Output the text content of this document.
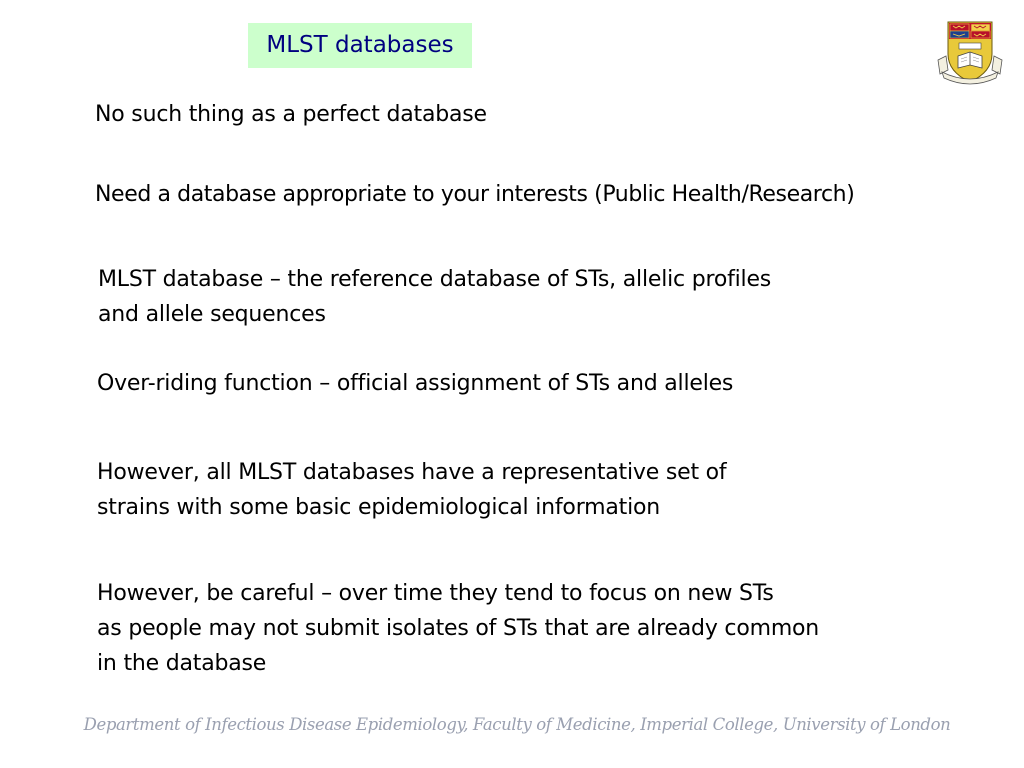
MLST databases
No such thing as a perfect database
Need a database appropriate to your interests (Public Health/Research)
MLST database – the reference database of STs, allelic profiles
and allele sequences
Over-riding function – official assignment of STs and alleles
However, all MLST databases have a representative set of
strains with some basic epidemiological information
However, be careful – over time they tend to focus on new STs
as people may not submit isolates of STs that are already common
in the database
Department of Infectious Disease Epidemiology, Faculty of Medicine, Imperial College, University of London
